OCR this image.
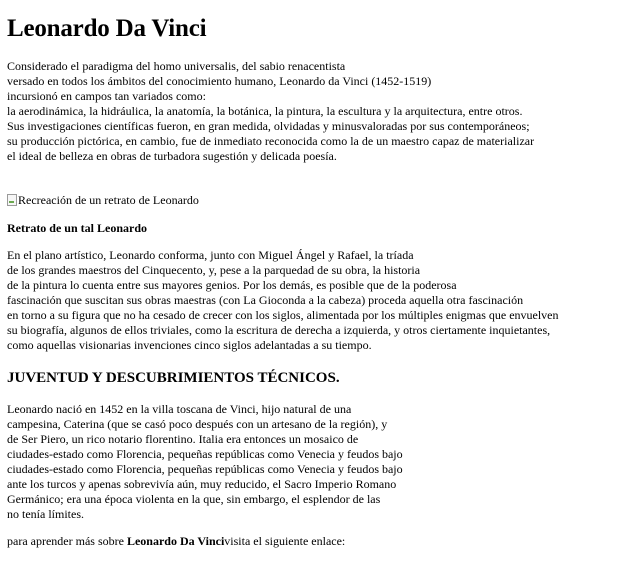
Leonardo Da Vinci

Considerado el paradigma del homo universalis, del sabio renacentista
versado en todos los ámbitos del conocimiento humano, Leonardo da Vinci (1452-1519)
incursionó en campos tan variados como:
la aerodinámica, la hidráulica, la anatomía, la botánica, la pintura, la escultura y la arquitectura, entre otros.
Sus investigaciones científicas fueron, en gran medida, olvidadas y minusvaloradas por sus contemporáneos;
su producción pictórica, en cambio, fue de inmediato reconocida como la de un maestro capaz de materializar
el ideal de belleza en obras de turbadora sugestión y delicada poesía.

Recreación de un retrato de Leonardo
Retrato de un tal Leonardo

En el plano artístico, Leonardo conforma, junto con Miguel Ángel y Rafael, la tríada
de los grandes maestros del Cinquecento, y, pese a la parquedad de su obra, la historia
de la pintura lo cuenta entre sus mayores genios. Por los demás, es posible que de la poderosa
fascinación que suscitan sus obras maestras (con La Gioconda a la cabeza) proceda aquella otra fascinación
en torno a su figura que no ha cesado de crecer con los siglos, alimentada por los múltiples enigmas que envuelven
su biografía, algunos de ellos triviales, como la escritura de derecha a izquierda, y otros ciertamente inquietantes,
como aquellas visionarias invenciones cinco siglos adelantadas a su tiempo.

JUVENTUD Y DESCUBRIMIENTOS TÉCNICOS.

Leonardo nació en 1452 en la villa toscana de Vinci, hijo natural de una
campesina, Caterina (que se casó poco después con un artesano de la región), y
de Ser Piero, un rico notario florentino. Italia era entonces un mosaico de
ciudades-estado como Florencia, pequeñas repúblicas como Venecia y feudos bajo
ciudades-estado como Florencia, pequeñas repúblicas como Venecia y feudos bajo
ante los turcos y apenas sobrevivía aún, muy reducido, el Sacro Imperio Romano
Germánico; era una época violenta en la que, sin embargo, el esplendor de las
no tenía límites.

para aprender más sobre Leonardo Da Vincivisita el siguiente enlace:
